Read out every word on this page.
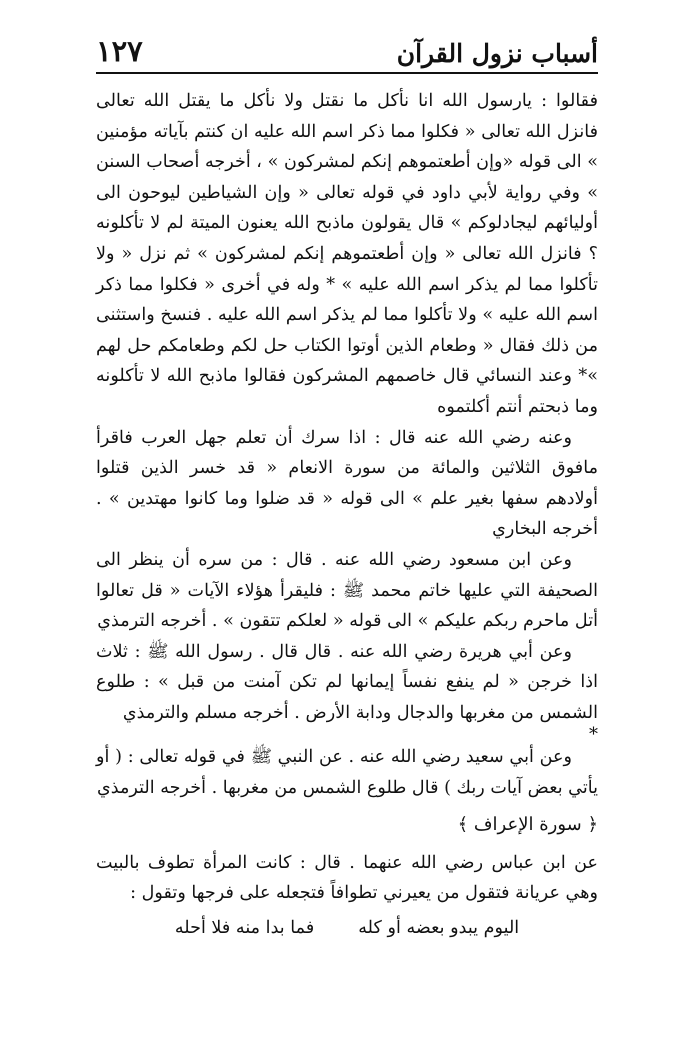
أسباب نزول القرآن
١٢٧

فقالوا : يارسول الله انا نأكل ما نقتل ولا نأكل ما يقتل الله تعالى فانزل الله تعالى « فكلوا مما ذكر اسم الله عليه ان كنتم بآياته مؤمنين » الى قوله «وإن أطعتموهم إنكم لمشركون » ، أخرجه أصحاب السنن » وفي رواية لأبي داود في قوله تعالى « وإن الشياطين ليوحون الى أوليائهم ليجادلوكم » قال يقولون ماذبح الله يعنون الميتة لم لا تأكلونه ؟ فانزل الله تعالى « وإن أطعتموهم إنكم لمشركون » ثم نزل « ولا تأكلوا مما لم يذكر اسم الله عليه » * وله في أخرى « فكلوا مما ذكر اسم الله عليه » ولا تأكلوا مما لم يذكر اسم الله عليه . فنسخ واستثنى من ذلك فقال « وطعام الذين أوتوا الكتاب حل لكم وطعامكم حل لهم »* وعند النسائي قال خاصمهم المشركون فقالوا ماذبح الله لا تأكلونه وما ذبحتم أنتم أكلتموه

وعنه رضي الله عنه قال : اذا سرك أن تعلم جهل العرب فاقرأ مافوق الثلاثين والمائة من سورة الانعام « قد خسر الذين قتلوا أولادهم سفها بغير علم » الى قوله « قد ضلوا وما كانوا مهتدين » . أخرجه البخاري

وعن ابن مسعود رضي الله عنه . قال : من سره أن ينظر الى الصحيفة التي عليها خاتم محمد ﷺ : فليقرأ هؤلاء الآيات « قل تعالوا أتل ماحرم ربكم عليكم » الى قوله « لعلكم تتقون » . أخرجه الترمذي

وعن أبي هريرة رضي الله عنه . قال قال . رسول الله ﷺ : ثلاث اذا خرجن « لم ينفع نفساً إيمانها لم تكن آمنت من قبل » : طلوع الشمس من مغربها والدجال ودابة الأرض . أخرجه مسلم والترمذي

*

وعن أبي سعيد رضي الله عنه . عن النبي ﷺ في قوله تعالى : ( أو يأتي بعض آيات ربك ) قال طلوع الشمس من مغربها . أخرجه الترمذي

﴿ سورة الإعراف ﴾

عن ابن عباس رضي الله عنهما . قال : كانت المرأة تطوف بالبيت وهي عريانة فتقول من يعيرني تطوافاً فتجعله على فرجها وتقول :

اليوم يبدو بعضه أو كله
فما بدا منه فلا أحله
